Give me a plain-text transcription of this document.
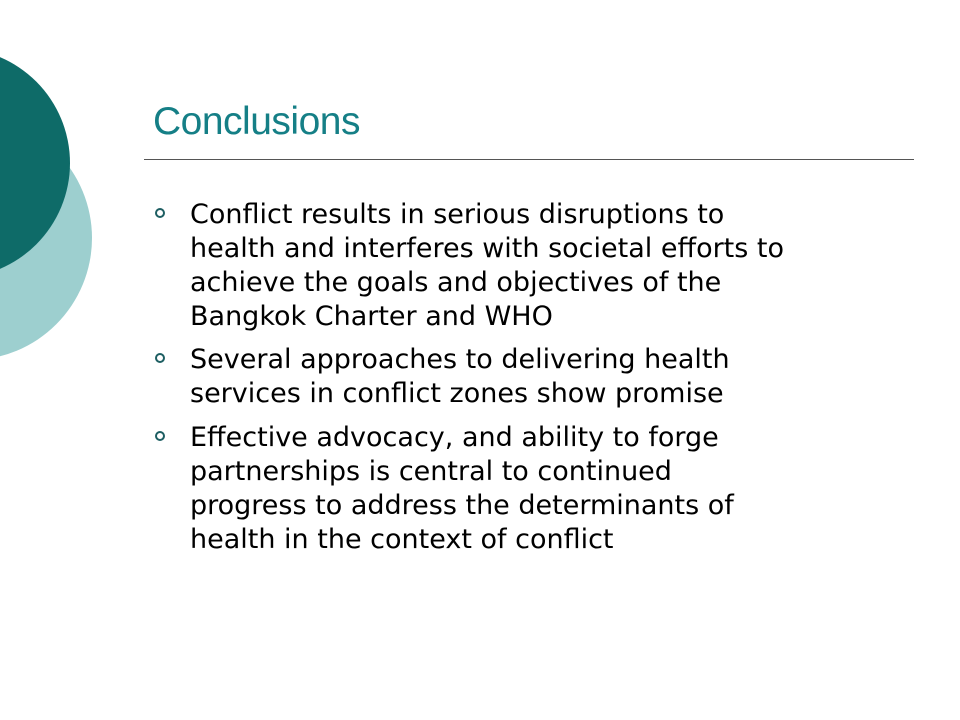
Conclusions
Conflict results in serious disruptions to
health and interferes with societal efforts to
achieve the goals and objectives of the
Bangkok Charter and WHO
Several approaches to delivering health
services in conflict zones show promise
Effective advocacy, and ability to forge
partnerships is central to continued
progress to address the determinants of
health in the context of conflict
